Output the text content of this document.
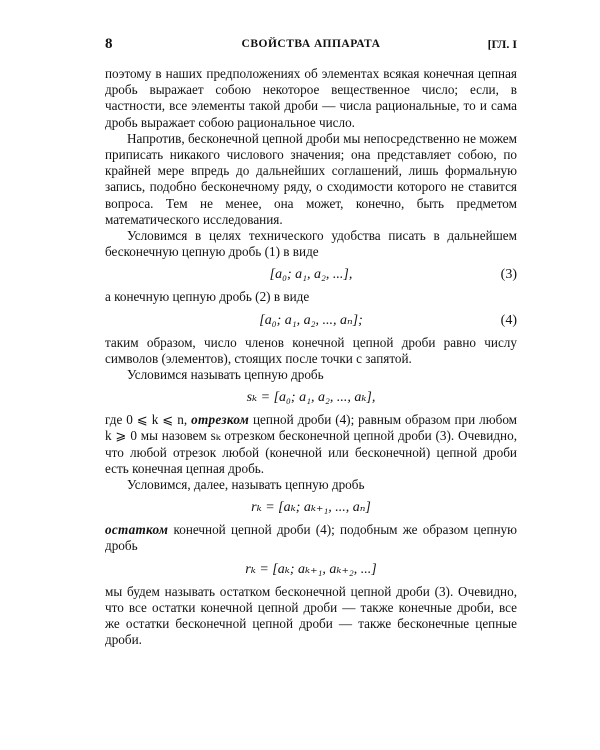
8	СВОЙСТВА АППАРАТА	[ГЛ. I

поэтому в наших предположениях об элементах всякая конечная цепная дробь выражает собою некоторое вещественное число; если, в частности, все элементы такой дроби — числа рациональные, то и сама дробь выражает собою рациональное число.

Напротив, бесконечной цепной дроби мы непосредственно не можем приписать никакого числового значения; она представляет собою, по крайней мере впредь до дальнейших соглашений, лишь формальную запись, подобно бесконечному ряду, о сходимости которого не ставится вопроса. Тем не менее, она может, конечно, быть предметом математического исследования.

Условимся в целях технического удобства писать в дальнейшем бесконечную цепную дробь (1) в виде

[a₀; a₁, a₂, ...],	(3)

а конечную цепную дробь (2) в виде

[a₀; a₁, a₂, ..., aₙ];	(4)

таким образом, число членов конечной цепной дроби равно числу символов (элементов), стоящих после точки с запятой.

Условимся называть цепную дробь

sₖ = [a₀; a₁, a₂, ..., aₖ],

где 0 ⩽ k ⩽ n, отрезком цепной дроби (4); равным образом при любом k ⩾ 0 мы назовем sₖ отрезком бесконечной цепной дроби (3). Очевидно, что любой отрезок любой (конечной или бесконечной) цепной дроби есть конечная цепная дробь.

Условимся, далее, называть цепную дробь

rₖ = [aₖ; aₖ₊₁, ..., aₙ]

остатком конечной цепной дроби (4); подобным же образом цепную дробь

rₖ = [aₖ; aₖ₊₁, aₖ₊₂, ...]

мы будем называть остатком бесконечной цепной дроби (3). Очевидно, что все остатки конечной цепной дроби — также конечные дроби, все же остатки бесконечной цепной дроби — также бесконечные цепные дроби.
